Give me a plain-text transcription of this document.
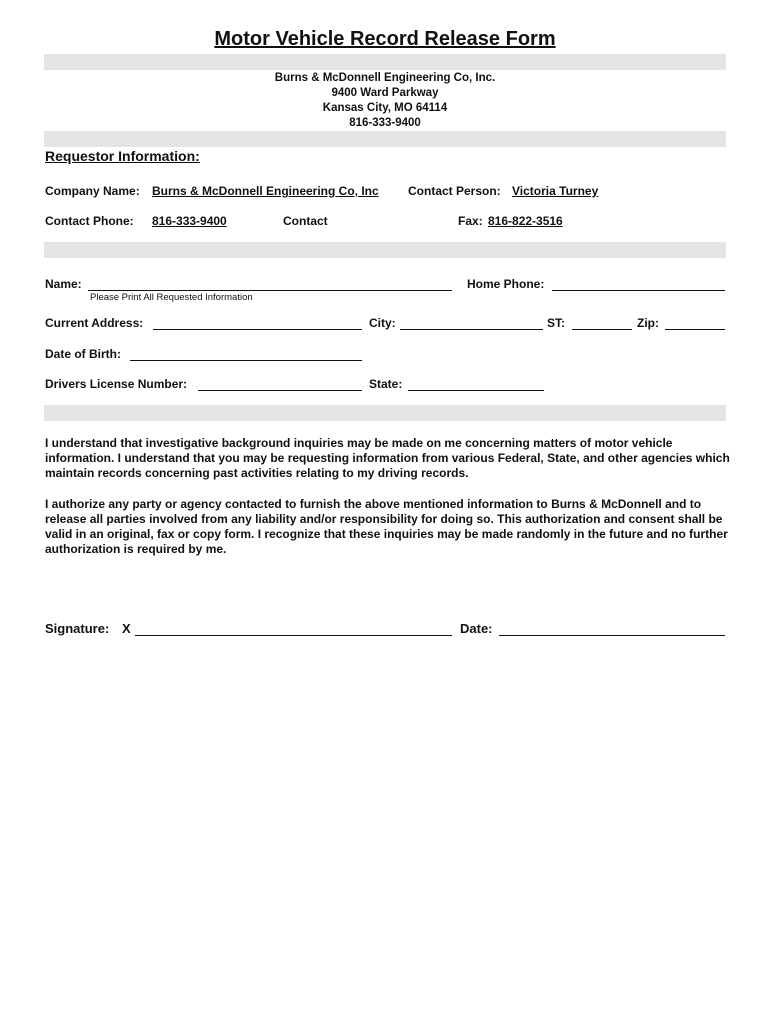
Motor Vehicle Record Release Form
Burns & McDonnell Engineering Co, Inc.
9400 Ward Parkway
Kansas City, MO 64114
816-333-9400
Requestor Information:
Company Name: Burns & McDonnell Engineering Co, Inc Contact Person: Victoria Turney
Contact Phone: 816-333-9400	Contact	Fax: 816-822-3516
Name:
Please Print All Requested Information
Home Phone:
Current Address:	City:	ST:	Zip:
Date of Birth:
Drivers License Number:	State:
I understand that investigative background inquiries may be made on me concerning matters of motor vehicle information. I understand that you may be requesting information from various Federal, State, and other agencies which maintain records concerning past activities relating to my driving records.
I authorize any party or agency contacted to furnish the above mentioned information to Burns & McDonnell and to release all parties involved from any liability and/or responsibility for doing so. This authorization and consent shall be valid in an original, fax or copy form. I recognize that these inquiries may be made randomly in the future and no further authorization is required by me.
Signature: X	Date:
